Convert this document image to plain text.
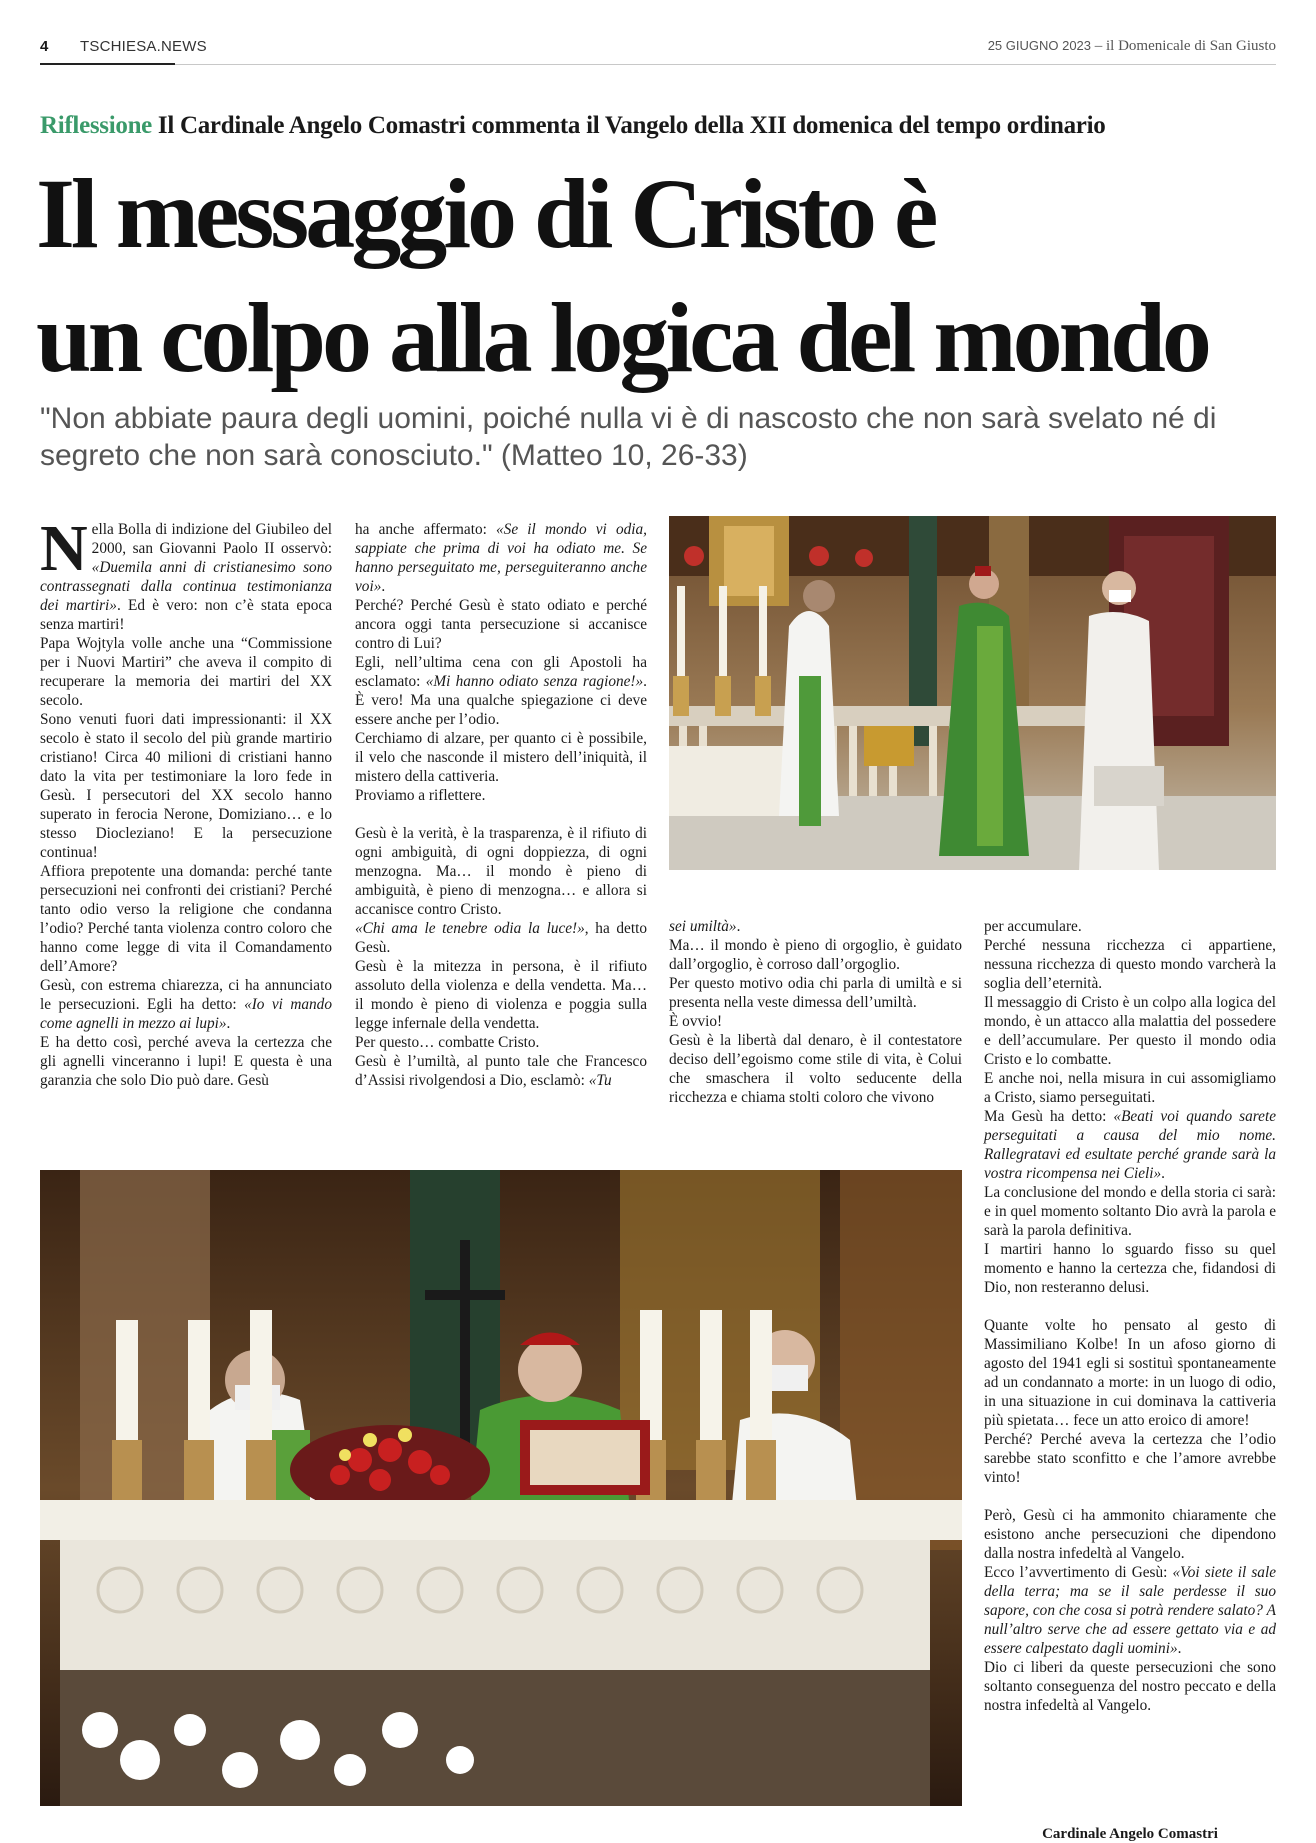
4 TSCHIESA.NEWS	25 GIUGNO 2023 – il Domenicale di San Giusto
Riflessione Il Cardinale Angelo Comastri commenta il Vangelo della XII domenica del tempo ordinario
Il messaggio di Cristo è
un colpo alla logica del mondo
"Non abbiate paura degli uomini, poiché nulla vi è di nascosto che non sarà svelato né di segreto che non sarà conosciuto." (Matteo 10, 26-33)

Nella Bolla di indizione del Giubileo del 2000, san Giovanni Paolo II osservò: «Duemila anni di cristianesimo sono contrassegnati dalla continua testimonianza dei martiri». Ed è vero: non c’è stata epoca senza martiri!

Papa Wojtyla volle anche una “Commissione per i Nuovi Martiri” che aveva il compito di recuperare la memoria dei martiri del XX secolo.

Sono venuti fuori dati impressionanti: il XX secolo è stato il secolo del più grande martirio cristiano! Circa 40 milioni di cristiani hanno dato la vita per testimoniare la loro fede in Gesù. I persecutori del XX secolo hanno superato in ferocia Nerone, Domiziano… e lo stesso Diocleziano! E la persecuzione continua!

Affiora prepotente una domanda: perché tante persecuzioni nei confronti dei cristiani? Perché tanto odio verso la religione che condanna l’odio? Perché tanta violenza contro coloro che hanno come legge di vita il Comandamento dell’Amore?

Gesù, con estrema chiarezza, ci ha annunciato le persecuzioni. Egli ha detto: «Io vi mando come agnelli in mezzo ai lupi».

E ha detto così, perché aveva la certezza che gli agnelli vinceranno i lupi! E questa è una garanzia che solo Dio può dare. Gesù

ha anche affermato: «Se il mondo vi odia, sappiate che prima di voi ha odiato me. Se hanno perseguitato me, perseguiteranno anche voi».

Perché? Perché Gesù è stato odiato e perché ancora oggi tanta persecuzione si accanisce contro di Lui?

Egli, nell’ultima cena con gli Apostoli ha esclamato: «Mi hanno odiato senza ragione!». È vero! Ma una qualche spiegazione ci deve essere anche per l’odio.

Cerchiamo di alzare, per quanto ci è possibile, il velo che nasconde il mistero dell’iniquità, il mistero della cattiveria.

Proviamo a riflettere.

Gesù è la verità, è la trasparenza, è il rifiuto di ogni ambiguità, di ogni doppiezza, di ogni menzogna. Ma… il mondo è pieno di ambiguità, è pieno di menzogna… e allora si accanisce contro Cristo.

«Chi ama le tenebre odia la luce!», ha detto Gesù.

Gesù è la mitezza in persona, è il rifiuto assoluto della violenza e della vendetta. Ma… il mondo è pieno di violenza e poggia sulla legge infernale della vendetta.

Per questo… combatte Cristo.

Gesù è l’umiltà, al punto tale che Francesco d’Assisi rivolgendosi a Dio, esclamò: «Tu

sei umiltà».

Ma… il mondo è pieno di orgoglio, è guidato dall’orgoglio, è corroso dall’orgoglio.

Per questo motivo odia chi parla di umiltà e si presenta nella veste dimessa dell’umiltà.

È ovvio!

Gesù è la libertà dal denaro, è il contestatore deciso dell’egoismo come stile di vita, è Colui che smaschera il volto seducente della ricchezza e chiama stolti coloro che vivono

per accumulare.

Perché nessuna ricchezza ci appartiene, nessuna ricchezza di questo mondo varcherà la soglia dell’eternità.

Il messaggio di Cristo è un colpo alla logica del mondo, è un attacco alla malattia del possedere e dell’accumulare. Per questo il mondo odia Cristo e lo combatte.

E anche noi, nella misura in cui assomigliamo a Cristo, siamo perseguitati.

Ma Gesù ha detto: «Beati voi quando sarete perseguitati a causa del mio nome. Rallegratavi ed esultate perché grande sarà la vostra ricompensa nei Cieli».

La conclusione del mondo e della storia ci sarà: e in quel momento soltanto Dio avrà la parola e sarà la parola definitiva.

I martiri hanno lo sguardo fisso su quel momento e hanno la certezza che, fidandosi di Dio, non resteranno delusi.

Quante volte ho pensato al gesto di Massimiliano Kolbe! In un afoso giorno di agosto del 1941 egli si sostituì spontaneamente ad un condannato a morte: in un luogo di odio, in una situazione in cui dominava la cattiveria più spietata… fece un atto eroico di amore!

Perché? Perché aveva la certezza che l’odio sarebbe stato sconfitto e che l’amore avrebbe vinto!

Però, Gesù ci ha ammonito chiaramente che esistono anche persecuzioni che dipendono dalla nostra infedeltà al Vangelo.

Ecco l’avvertimento di Gesù: «Voi siete il sale della terra; ma se il sale perdesse il suo sapore, con che cosa si potrà rendere salato? A null’altro serve che ad essere gettato via e ad essere calpestato dagli uomini».

Dio ci liberi da queste persecuzioni che sono soltanto conseguenza del nostro peccato e della nostra infedeltà al Vangelo.

Cardinale Angelo Comastri
